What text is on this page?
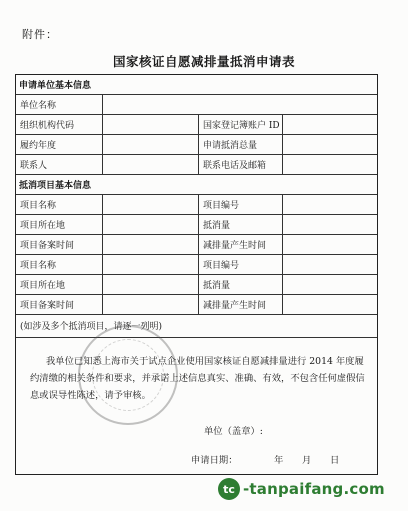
附件：
国家核证自愿减排量抵消申请表
申请单位基本信息
单位名称
组织机构代码	国家登记簿账户 ID
履约年度	申请抵消总量
联系人	联系电话及邮箱
抵消项目基本信息
项目名称	项目编号
项目所在地	抵消量
项目备案时间	减排量产生时间
项目名称	项目编号
项目所在地	抵消量
项目备案时间	减排量产生时间
(如涉及多个抵消项目，请逐一列明)
我单位已知悉上海市关于试点企业使用国家核证自愿减排量进行 2014 年度履约清缴的相关条件和要求，并承诺上述信息真实、准确、有效，不包含任何虚假信息或误导性陈述，请予审核。
单位（盖章）:
申请日期：	年 月 日
tc -tanpaifang.com
